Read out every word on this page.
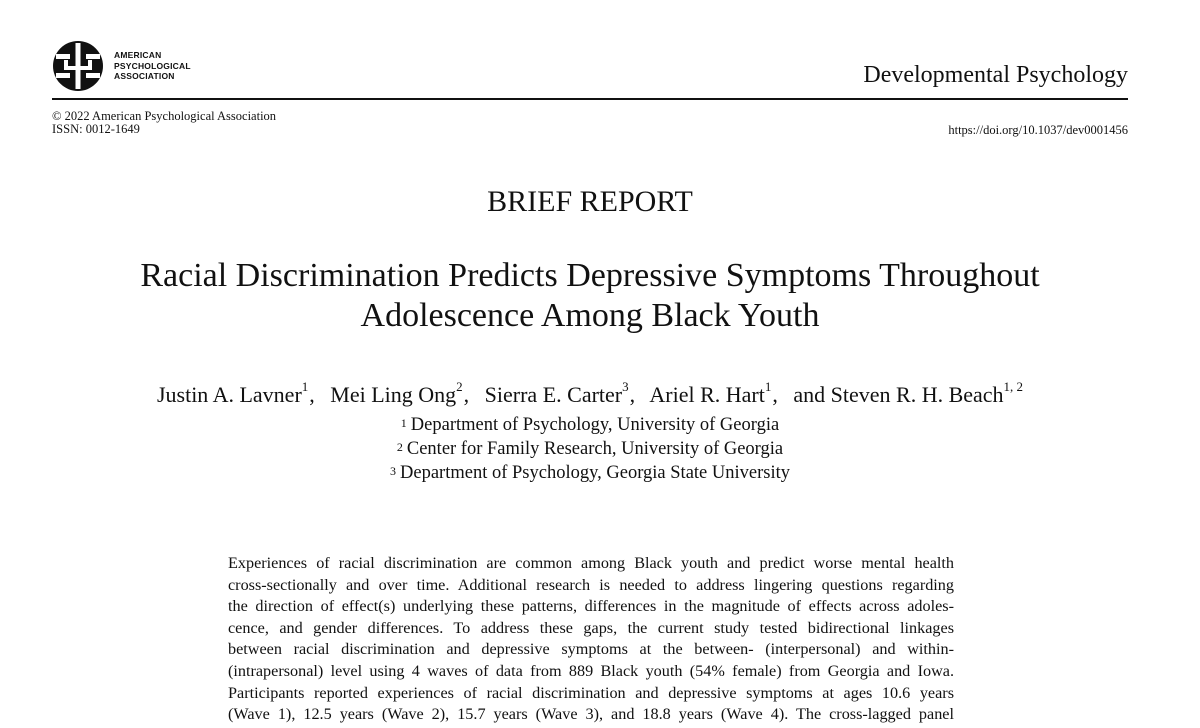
AMERICAN
PSYCHOLOGICAL
ASSOCIATION	Developmental Psychology
© 2022 American Psychological Association
ISSN: 0012-1649	https://doi.org/10.1037/dev0001456
BRIEF REPORT
Racial Discrimination Predicts Depressive Symptoms Throughout
Adolescence Among Black Youth
Justin A. Lavner$^1$, Mei Ling Ong$^2$, Sierra E. Carter$^3$, Ariel R. Hart$^1$, and Steven R. H. Beach$^{1, 2}$
$^1$ Department of Psychology, University of Georgia
$^2$ Center for Family Research, University of Georgia
$^3$ Department of Psychology, Georgia State University
Experiences of racial discrimination are common among Black youth and predict worse mental health
cross-sectionally and over time. Additional research is needed to address lingering questions regarding
the direction of effect(s) underlying these patterns, differences in the magnitude of effects across adoles-
cence, and gender differences. To address these gaps, the current study tested bidirectional linkages
between racial discrimination and depressive symptoms at the between- (interpersonal) and within-
(intrapersonal) level using 4 waves of data from 889 Black youth (54% female) from Georgia and Iowa.
Participants reported experiences of racial discrimination and depressive symptoms at ages 10.6 years
(Wave 1), 12.5 years (Wave 2), 15.7 years (Wave 3), and 18.8 years (Wave 4). The cross-lagged panel
